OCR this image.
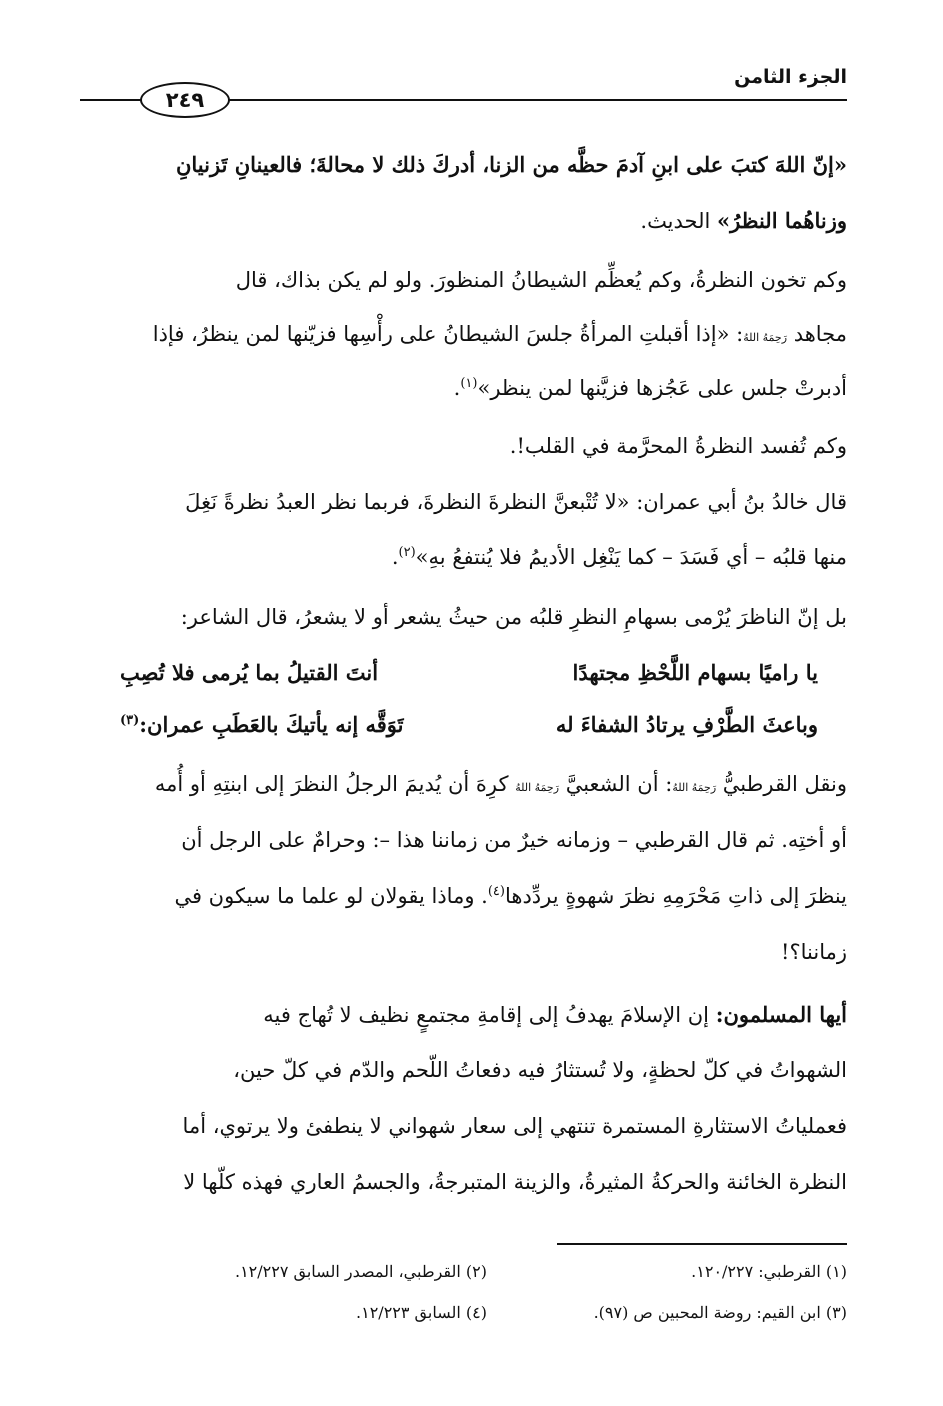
الجزء الثامن
٢٤٩
«إنّ اللهَ كتبَ على ابنِ آدمَ حظَّه من الزنا، أدركَ ذلك لا محالةَ؛ فالعينانِ تَزنيانِ
وزناهُما النظرُ» الحديث.
وكم تخون النظرةُ، وكم يُعظِّم الشيطانُ المنظورَ. ولو لم يكن بذاك، قال
مجاهد رَحِمَهُ اللهُ: «إذا أقبلتِ المرأةُ جلسَ الشيطانُ على رأْسِها فزيّنها لمن ينظرُ، فإذا
أدبرتْ جلس على عَجُزها فزيَّنها لمن ينظر»$^{(١)}$.
وكم تُفسد النظرةُ المحرَّمة في القلب!.
قال خالدُ بنُ أبي عمران: «لا تُتْبعنَّ النظرةَ النظرةَ، فربما نظر العبدُ نظرةً نَغِلَ
منها قلبُه – أي فَسَدَ – كما يَنْغِل الأديمُ فلا يُنتفعُ بهِ»$^{(٢)}$.
بل إنّ الناظرَ يُرْمى بسهامِ النظرِ قلبُه من حيثُ يشعر أو لا يشعرُ، قال الشاعر:
يا راميًا بسهام اللَّحْظِ مجتهدًا
أنتَ القتيلُ بما يُرمى فلا تُصِبِ
وباعثَ الطَّرْفِ يرتادُ الشفاءَ له
تَوَقَّه إنه يأتيكَ بالعَطَبِ عمران:$^{(٣)}$
ونقل القرطبيُّ رَحِمَهُ اللهُ: أن الشعبيَّ رَحِمَهُ اللهُ كرِهَ أن يُديمَ الرجلُ النظرَ إلى ابنتِهِ أو أُمه
أو أختِه. ثم قال القرطبي – وزمانه خيرٌ من زماننا هذا –: وحرامٌ على الرجل أن
ينظرَ إلى ذاتِ مَحْرَمِهِ نظرَ شهوةٍ يردِّدها$^{(٤)}$. وماذا يقولان لو علما ما سيكون في
زماننا؟!
أيها المسلمون: إن الإسلامَ يهدفُ إلى إقامةِ مجتمعٍ نظيف لا تُهاج فيه
الشهواتُ في كلّ لحظةٍ، ولا تُستثارُ فيه دفعاتُ اللّحم والدّم في كلّ حين،
فعملياتُ الاستثارةِ المستمرة تنتهي إلى سعار شهواني لا ينطفئ ولا يرتوي، أما
النظرة الخائنة والحركةُ المثيرةُ، والزينة المتبرجةُ، والجسمُ العاري فهذه كلّها لا
(١) القرطبي: ١٢٠/٢٢٧.
(٢) القرطبي، المصدر السابق ١٢/٢٢٧.
(٣) ابن القيم: روضة المحبين ص (٩٧).
(٤) السابق ١٢/٢٢٣.
